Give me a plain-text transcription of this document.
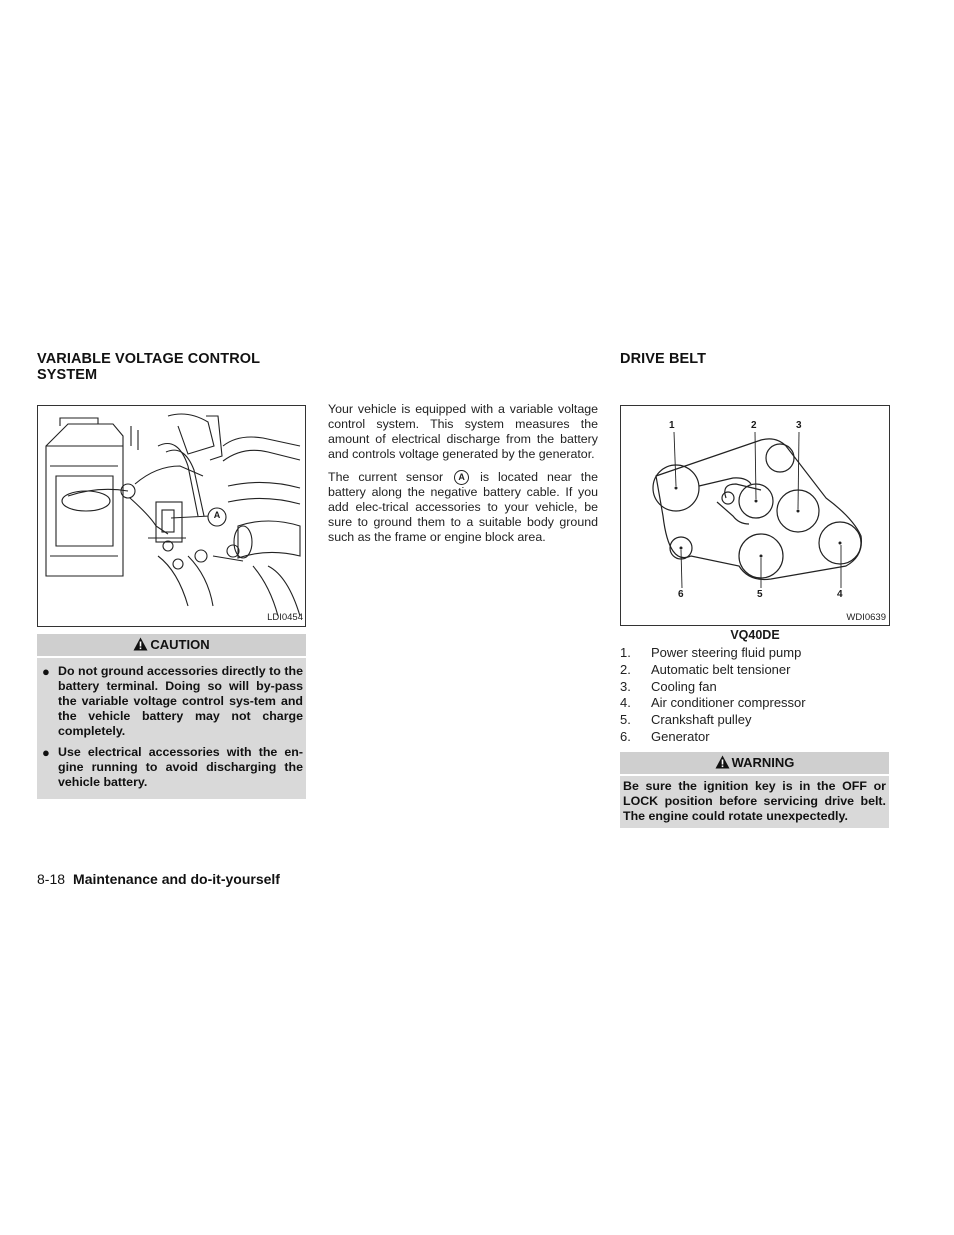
VARIABLE VOLTAGE CONTROL
SYSTEM
A
LDI0454
CAUTION
● Do not ground accessories directly to the battery terminal. Doing so will by-pass the variable voltage control sys-tem and the vehicle battery may not charge completely.
● Use electrical accessories with the en-gine running to avoid discharging the vehicle battery.

Your vehicle is equipped with a variable voltage control system. This system measures the amount of electrical discharge from the battery and controls voltage generated by the generator.

The current sensor A is located near the battery along the negative battery cable. If you add elec-trical accessories to your vehicle, be sure to ground them to a suitable body ground such as the frame or engine block area.

DRIVE BELT
1	2	3
4
5
6
WDI0639
VQ40DE
1.	Power steering fluid pump
2.	Automatic belt tensioner
3.	Cooling fan
4.	Air conditioner compressor
5.	Crankshaft pulley
6.	Generator
WARNING
Be sure the ignition key is in the OFF or LOCK position before servicing drive belt. The engine could rotate unexpectedly.
8-18 Maintenance and do-it-yourself
